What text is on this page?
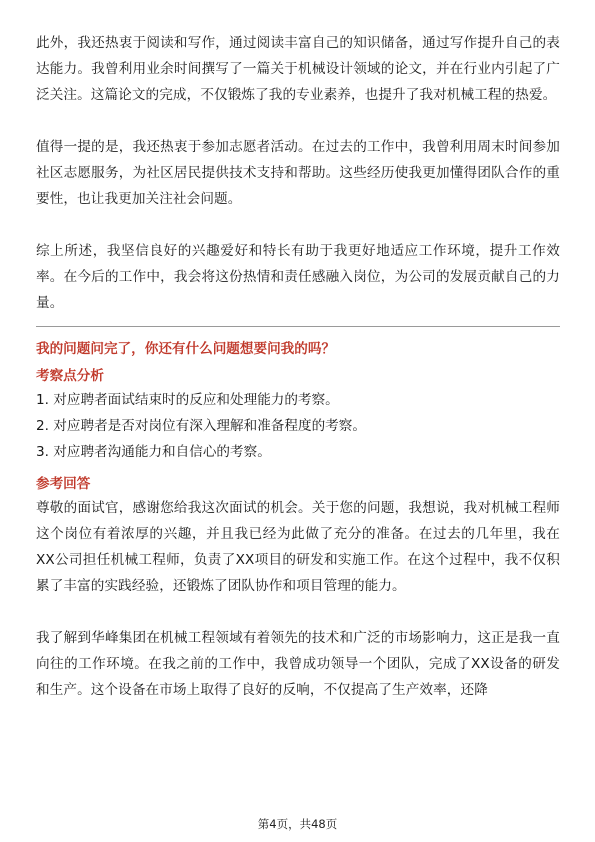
此外，我还热衷于阅读和写作，通过阅读丰富自己的知识储备，通过写作提升自己的表达能力。我曾利用业余时间撰写了一篇关于机械设计领域的论文，并在行业内引起了广泛关注。这篇论文的完成，不仅锻炼了我的专业素养，也提升了我对机械工程的热爱。

值得一提的是，我还热衷于参加志愿者活动。在过去的工作中，我曾利用周末时间参加社区志愿服务，为社区居民提供技术支持和帮助。这些经历使我更加懂得团队合作的重要性，也让我更加关注社会问题。

综上所述，我坚信良好的兴趣爱好和特长有助于我更好地适应工作环境，提升工作效率。在今后的工作中，我会将这份热情和责任感融入岗位，为公司的发展贡献自己的力量。

我的问题问完了，你还有什么问题想要问我的吗？

考察点分析

1. 对应聘者面试结束时的反应和处理能力的考察。

2. 对应聘者是否对岗位有深入理解和准备程度的考察。

3. 对应聘者沟通能力和自信心的考察。

参考回答

尊敬的面试官，感谢您给我这次面试的机会。关于您的问题，我想说，我对机械工程师这个岗位有着浓厚的兴趣，并且我已经为此做了充分的准备。在过去的几年里，我在XX公司担任机械工程师，负责了XX项目的研发和实施工作。在这个过程中，我不仅积累了丰富的实践经验，还锻炼了团队协作和项目管理的能力。

我了解到华峰集团在机械工程领域有着领先的技术和广泛的市场影响力，这正是我一直向往的工作环境。在我之前的工作中，我曾成功领导一个团队，完成了XX设备的研发和生产。这个设备在市场上取得了良好的反响，不仅提高了生产效率，还降

第4页，共48页
